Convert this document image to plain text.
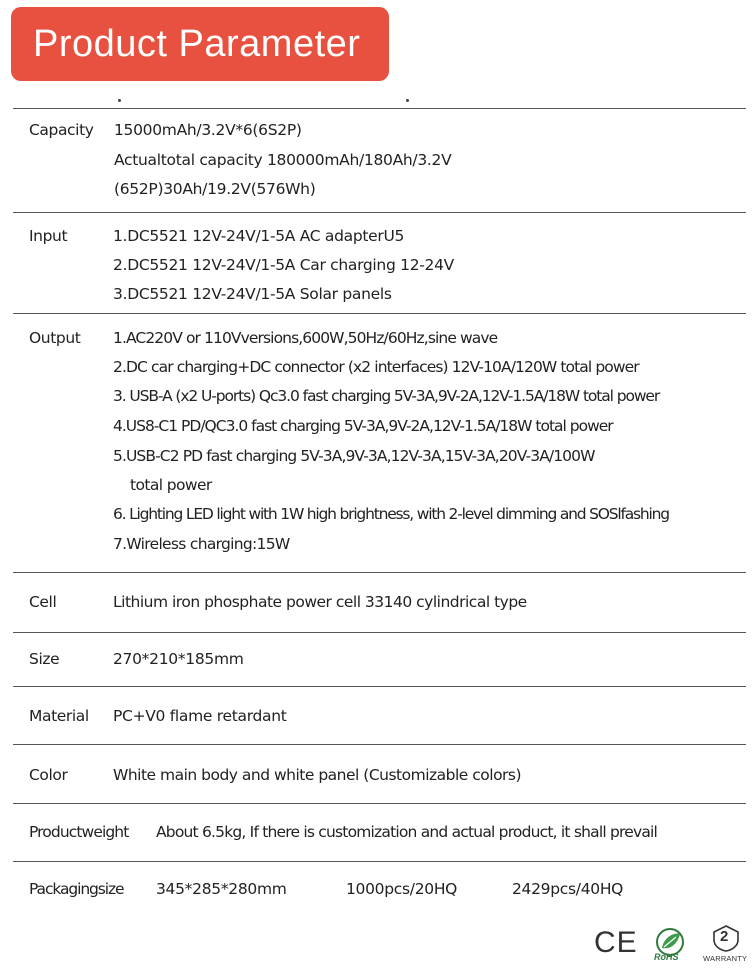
Product Parameter
Capacity 15000mAh/3.2V*6(6S2P)
Actualtotal capacity 180000mAh/180Ah/3.2V
(652P)30Ah/19.2V(576Wh)
Input	1.DC5521 12V-24V/1-5A AC adapterU5
2.DC5521 12V-24V/1-5A Car charging 12-24V
3.DC5521 12V-24V/1-5A Solar panels
Output 1.AC220V or 110Vversions,600W,50Hz/60Hz,sine wave
2.DC car charging+DC connector (x2 interfaces) 12V-10A/120W total power
3. USB-A (x2 U-ports) Qc3.0 fast charging 5V-3A,9V-2A,12V-1.5A/18W total power
4.US8-C1 PD/QC3.0 fast charging 5V-3A,9V-2A,12V-1.5A/18W total power
5.USB-C2 PD fast charging 5V-3A,9V-3A,12V-3A,15V-3A,20V-3A/100W
total power
6. Lighting LED light with 1W high brightness, with 2-level dimming and SOSlfashing
7.Wireless charging:15W
Cell	Lithium iron phosphate power cell 33140 cylindrical type
Size	270*210*185mm
Material PC+V0 flame retardant
Color	White main body and white panel (Customizable colors)
Productweight About 6.5kg, If there is customization and actual product, it shall prevail
Packagingsize 345*285*280mm	1000pcs/20HQ	2429pcs/40HQ
CE RoHS
2
WARRANTY
